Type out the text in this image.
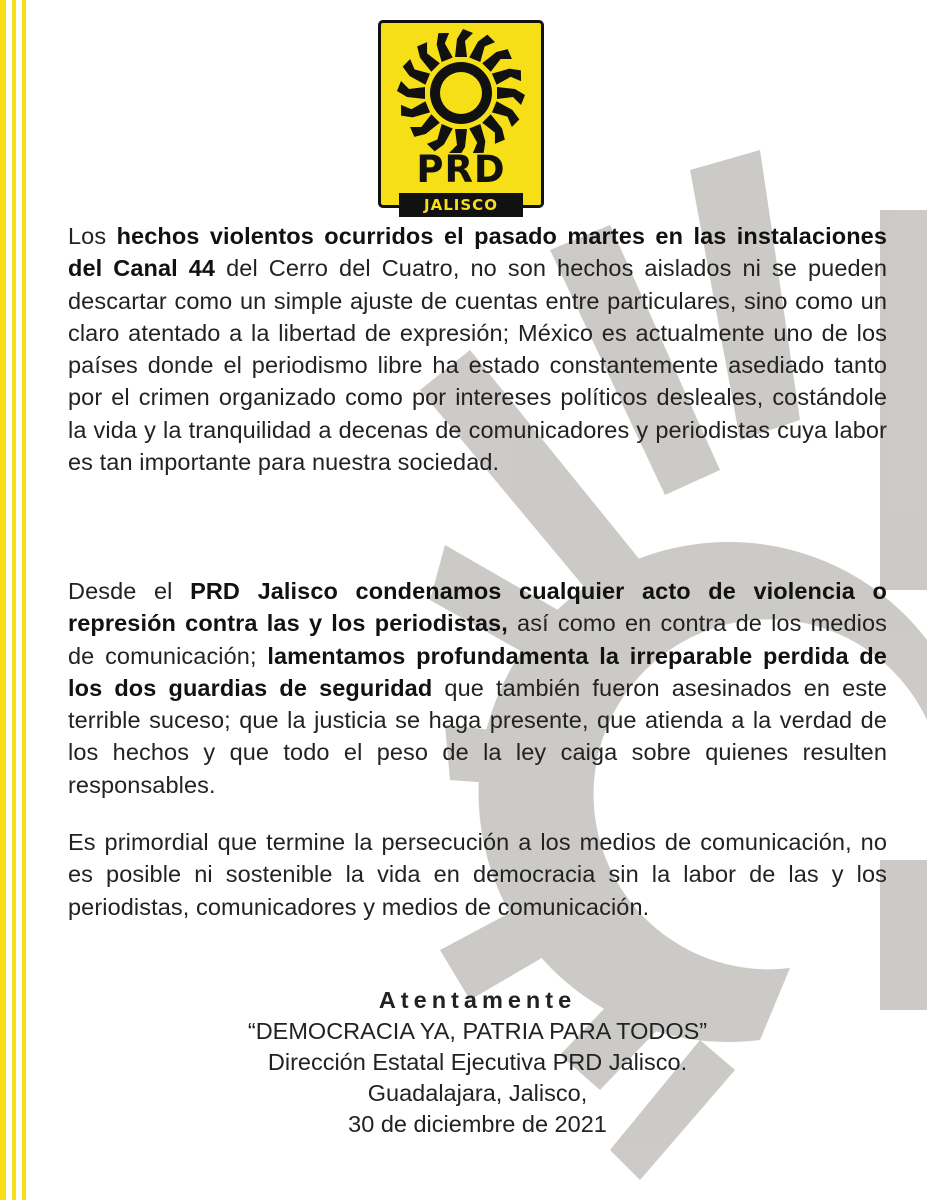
PRD
JALISCO
Los hechos violentos ocurridos el pasado martes en las instalaciones del Canal 44 del Cerro del Cuatro, no son hechos aislados ni se pueden descartar como un simple ajuste de cuentas entre particulares, sino como un claro atentado a la libertad de expresión; México es actualmente uno de los países donde el periodismo libre ha estado constantemente asediado tanto por el crimen organizado como por intereses políticos desleales, costándole la vida y la tranquilidad a decenas de comunicadores y periodistas cuya labor es tan importante para nuestra sociedad.
Desde el PRD Jalisco condenamos cualquier acto de violencia o represión contra las y los periodistas, así como en contra de los medios de comunicación; lamentamos profundamenta la irreparable perdida de los dos guardias de seguridad que también fueron asesinados en este terrible suceso; que la justicia se haga presente, que atienda a la verdad de los hechos y que todo el peso de la ley caiga sobre quienes resulten responsables.
Es primordial que termine la persecución a los medios de comunicación, no es posible ni sostenible la vida en democracia sin la labor de las y los periodistas, comunicadores y medios de comunicación.
Atentamente
“DEMOCRACIA YA, PATRIA PARA TODOS”
Dirección Estatal Ejecutiva PRD Jalisco.
Guadalajara, Jalisco,
30 de diciembre de 2021
